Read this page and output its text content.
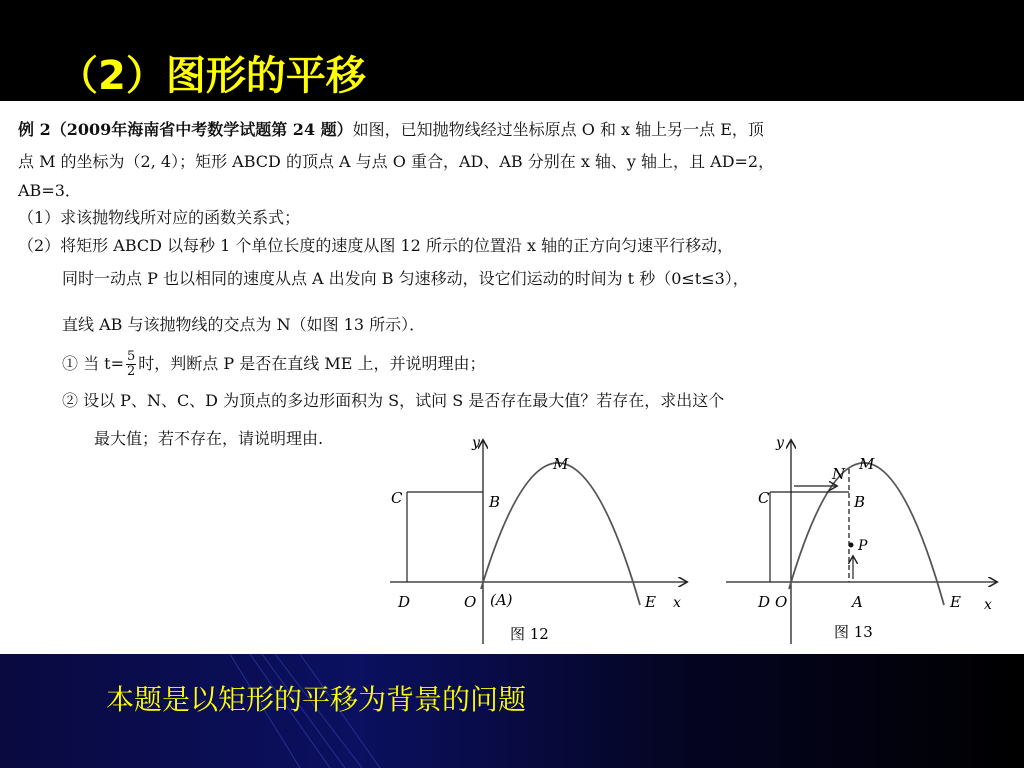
（2）图形的平移
例 2（2009年海南省中考数学试题第 24 题）如图，已知抛物线经过坐标原点 O 和 x 轴上另一点 E，顶
点 M 的坐标为（2, 4）；矩形 ABCD 的顶点 A 与点 O 重合，AD、AB 分别在 x 轴、y 轴上，且 AD=2，
AB=3．
（1）求该抛物线所对应的函数关系式；
（2）将矩形 ABCD 以每秒 1 个单位长度的速度从图 12 所示的位置沿 x 轴的正方向匀速平行移动，
同时一动点 P 也以相同的速度从点 A 出发向 B 匀速移动，设它们运动的时间为 t 秒（0≤t≤3），
直线 AB 与该抛物线的交点为 N（如图 13 所示）．
① 当 $t= \frac{5}{2}$ 时，判断点 P 是否在直线 ME 上，并说明理由；
② 设以 P、N、C、D 为顶点的多边形面积为 S，试问 S 是否存在最大值？若存在，求出这个
最大值；若不存在，请说明理由.	y
M
B
C
D	O (A)	E x
图 12
y
N
M
B
C
P
D O	A	E x
图 13
本题是以矩形的平移为背景的问题
